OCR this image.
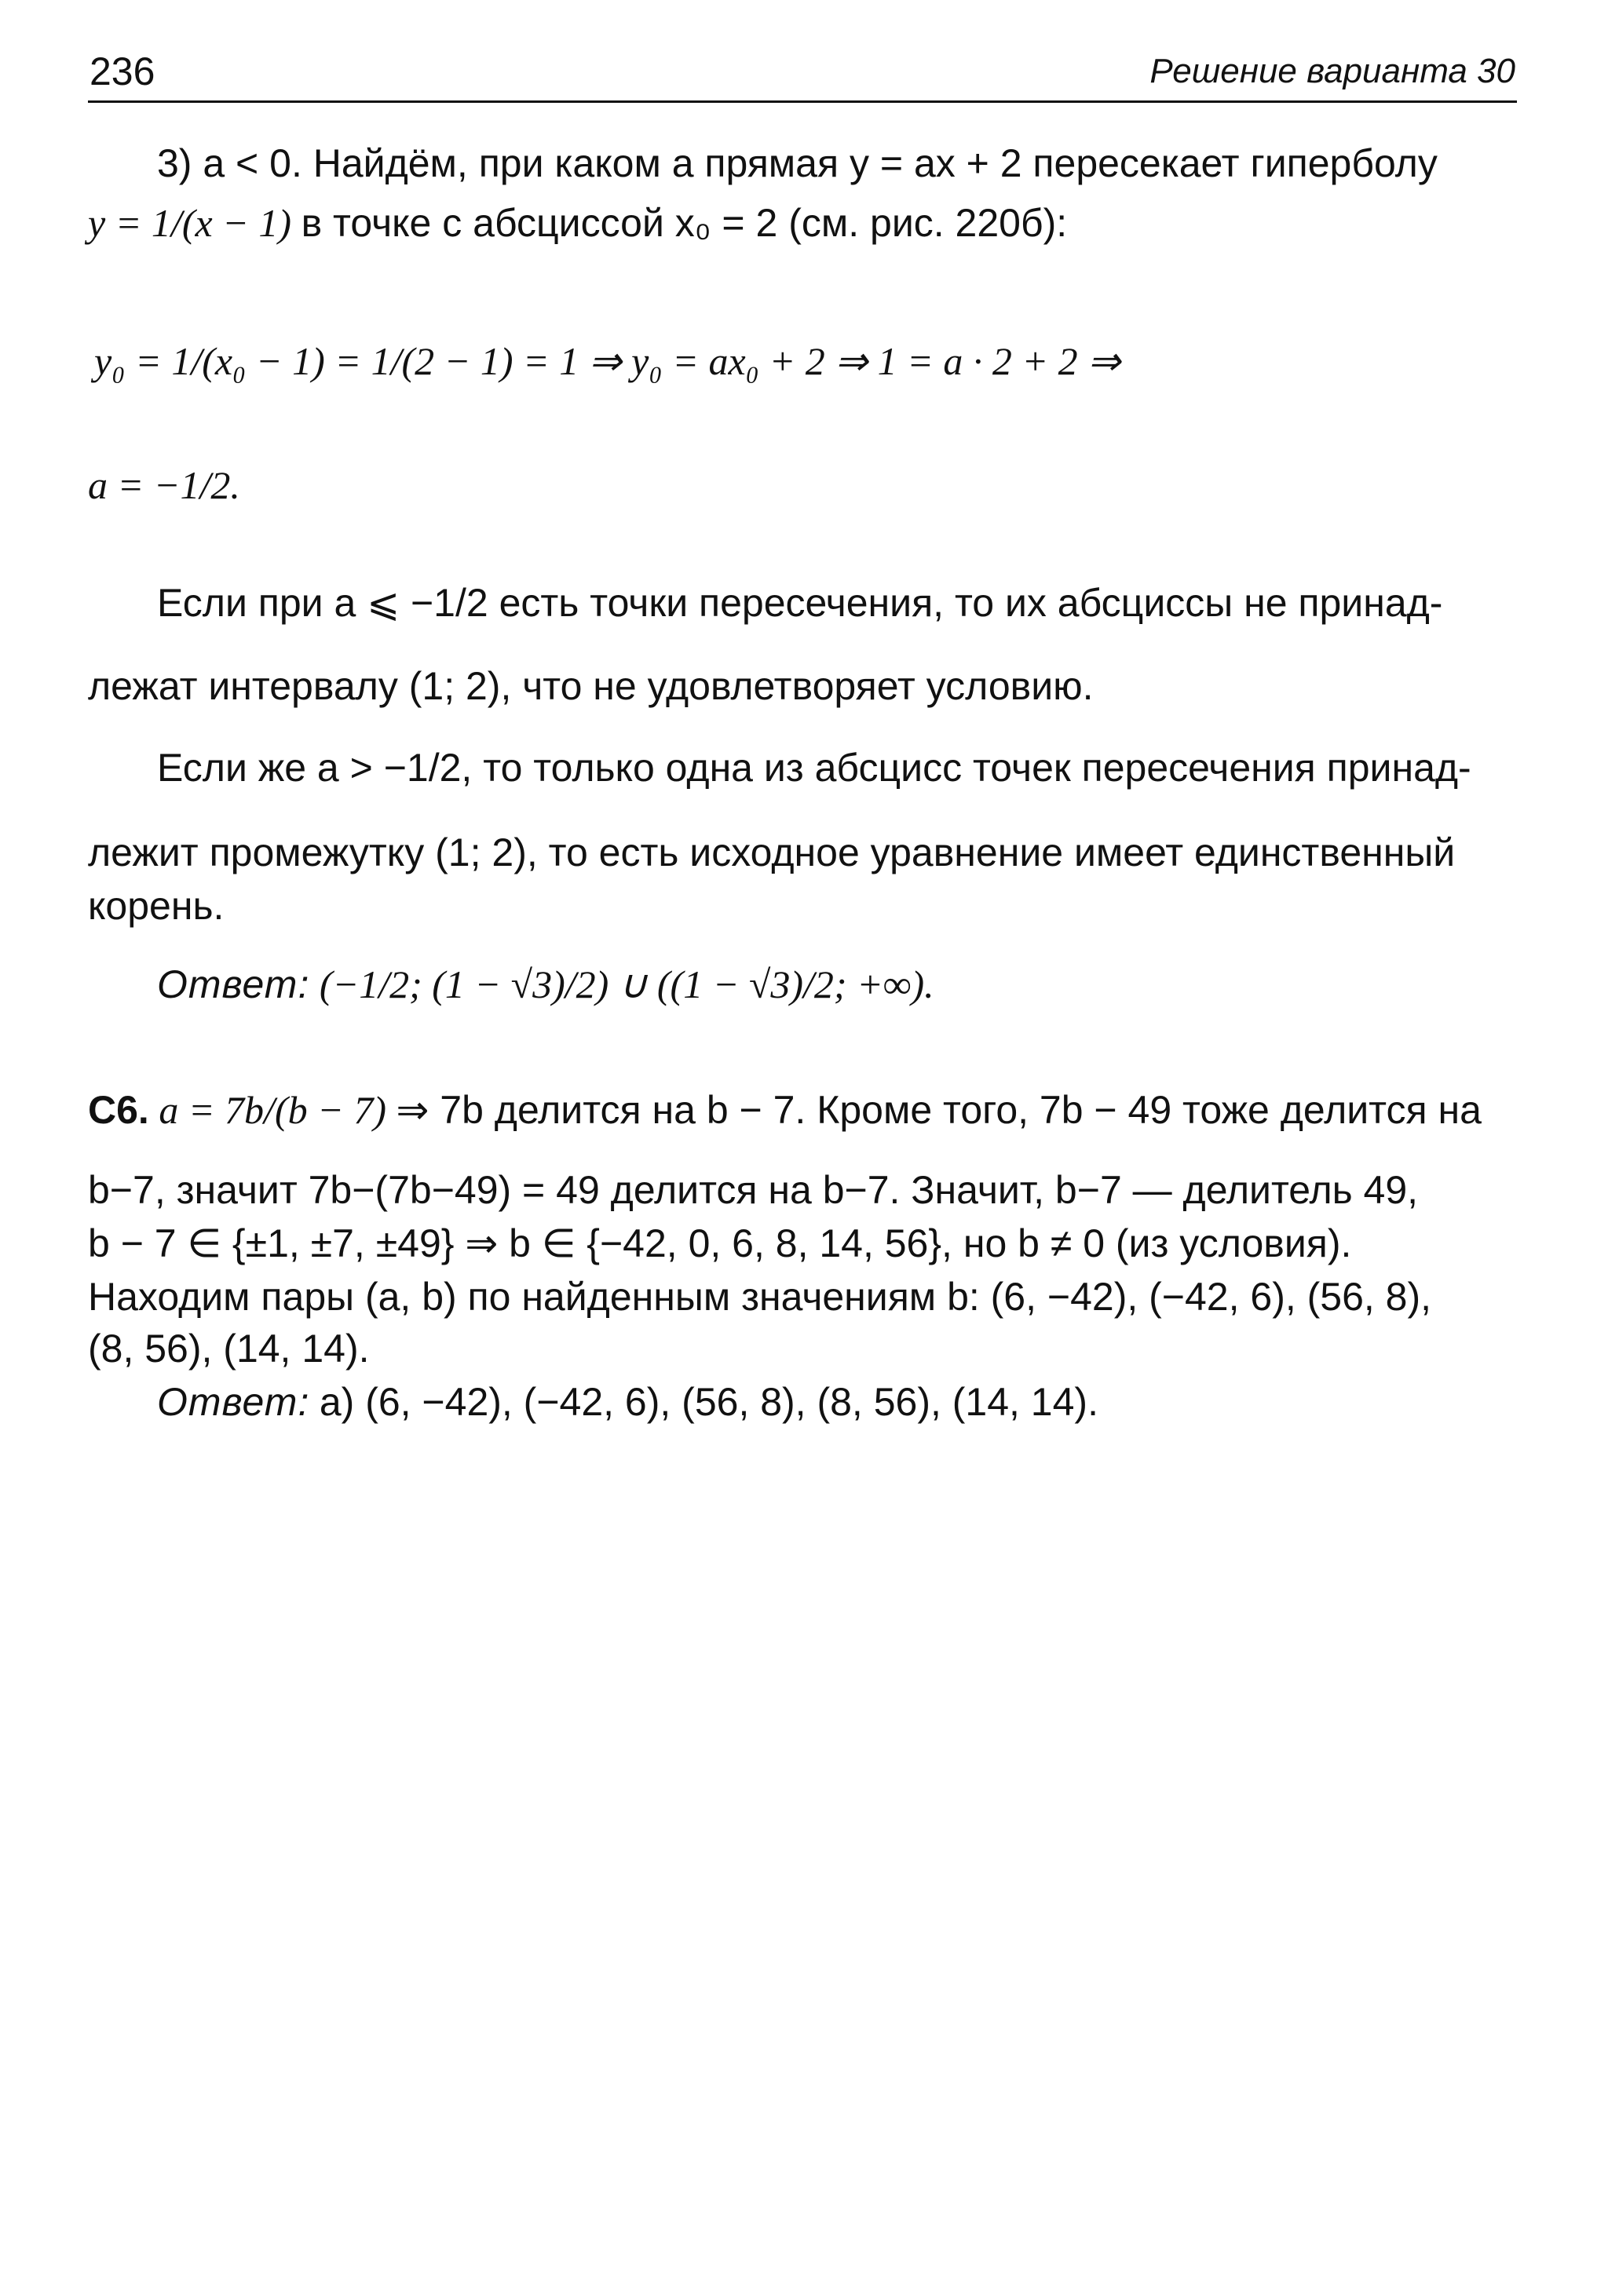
236	Решение варианта 30
3) a < 0. Найдём, при каком a прямая y = ax + 2 пересекает гиперболу
y = 1/(x − 1) в точке с абсциссой x₀ = 2 (см. рис. 220б):
y₀ = 1/(x₀ − 1) = 1/(2 − 1) = 1 ⇒ y₀ = ax₀ + 2 ⇒ 1 = a · 2 + 2 ⇒
a = −1/2.
Если при a ⩽ −1/2 есть точки пересечения, то их абсциссы не принад-
лежат интервалу (1; 2), что не удовлетворяет условию.
Если же a > −1/2, то только одна из абсцисс точек пересечения принад-
лежит промежутку (1; 2), то есть исходное уравнение имеет единственный
корень.
Ответ: (−1/2; (1 − √3)/2) ∪ ((1 − √3)/2; +∞).
С6. a = 7b/(b − 7) ⇒ 7b делится на b − 7. Кроме того, 7b − 49 тоже делится на
b−7, значит 7b−(7b−49) = 49 делится на b−7. Значит, b−7 — делитель 49,
b − 7 ∈ {±1, ±7, ±49} ⇒ b ∈ {−42, 0, 6, 8, 14, 56}, но b ≠ 0 (из условия).
Находим пары (a, b) по найденным значениям b: (6, −42), (−42, 6), (56, 8),
(8, 56), (14, 14).
Ответ: а) (6, −42), (−42, 6), (56, 8), (8, 56), (14, 14).
